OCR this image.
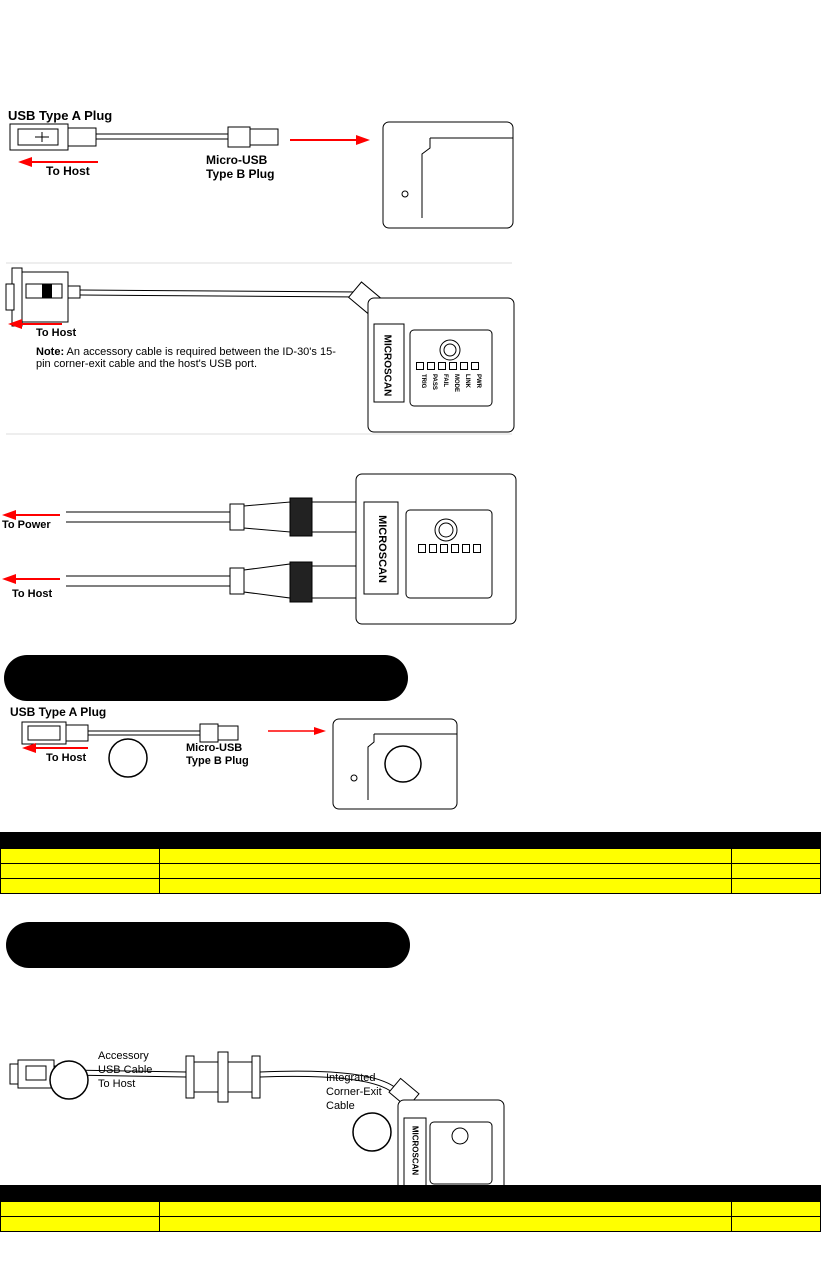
USB Type A Plug
To Host
Micro-USB
Type B Plug
To Host
Note: An accessory cable is required between the ID-30's 15-pin corner-exit cable and the host's USB port.	MICROSCAN	TRIG PASS FAIL MODE LINK PWR
To Power
To Host
MICROSCAN
USB Type A Plug
To Host
Micro-USB
Type B Plug

Accessory
USB Cable
To Host	Integrated
Corner-Exit
Cable
MICROSCAN
